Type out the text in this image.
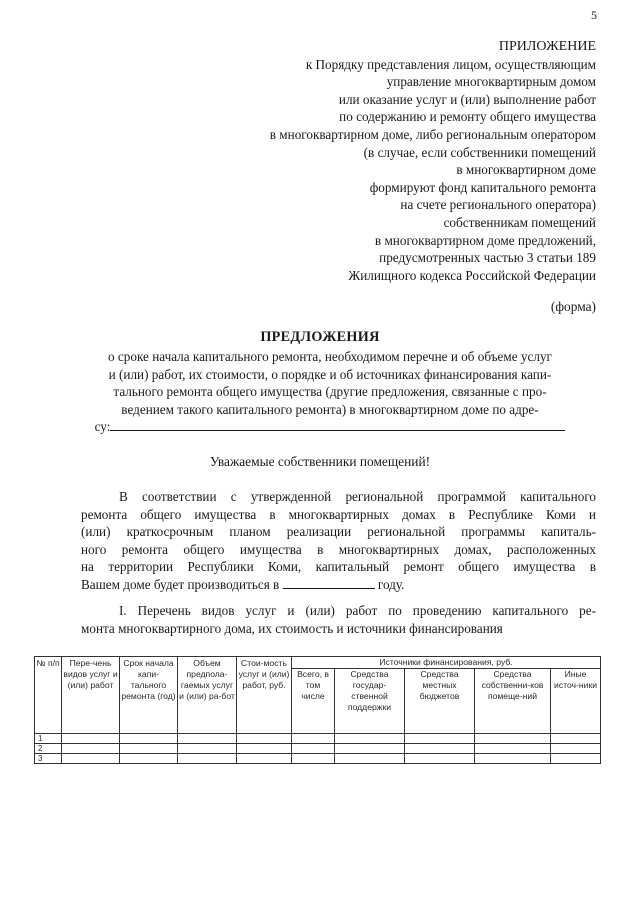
5
ПРИЛОЖЕНИЕ
к Порядку представления лицом, осуществляющим
управление многоквартирным домом
или оказание услуг и (или) выполнение работ
по содержанию и ремонту общего имущества
в многоквартирном доме, либо региональным оператором
(в случае, если собственники помещений
в многоквартирном доме
формируют фонд капитального ремонта
на счете регионального оператора)
собственникам помещений
в многоквартирном доме предложений,
предусмотренных частью 3 статьи 189
Жилищного кодекса Российской Федерации
(форма)
ПРЕДЛОЖЕНИЯ
о сроке начала капитального ремонта, необходимом перечне и об объеме услуг
и (или) работ, их стоимости, о порядке и об источниках финансирования капи-
тального ремонта общего имущества (другие предложения, связанные с про-
ведением такого капитального ремонта) в многоквартирном доме по адре-
су:
Уважаемые собственники помещений!
В соответствии с утвержденной региональной программой капитального
ремонта общего имущества в многоквартирных домах в Республике Коми и
(или) краткосрочным планом реализации региональной программы капиталь-
ного ремонта общего имущества в многоквартирных домах, расположенных
на территории Республики Коми, капитальный ремонт общего имущества в
Вашем доме будет производиться в	году.
I. Перечень видов услуг и (или) работ по проведению капитального ре-
монта многоквартирного дома, их стоимость и источники финансирования
№ п/п	Пере-чень видов услуг и (или) работ	Срок начала капи-тального ремонта (год)	Объем предпола-гаемых услуг и (или) ра-бот	Стои-мость услуг и (или) работ, руб.	Источники финансирования, руб.				
					Всего, в том числе	Средства государ-ственной поддержки	Средства местных бюджетов	Средства собственни-ков помеще-ний	Иные источ-ники
1									
2									
3									
